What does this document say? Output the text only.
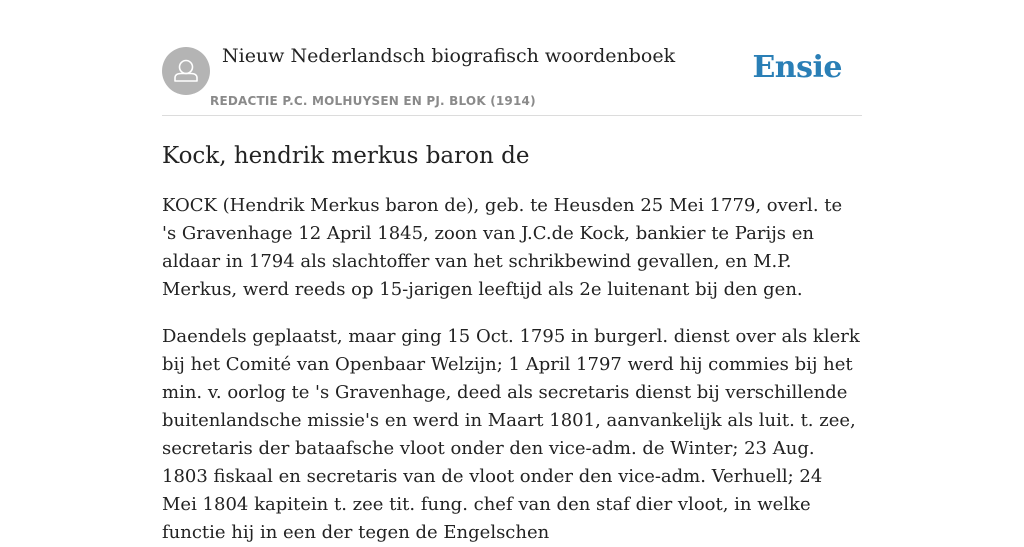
Nieuw Nederlandsch biografisch woordenboek
REDACTIE P.C. MOLHUYSEN EN PJ. BLOK (1914)
Ensie
Kock, hendrik merkus baron de

KOCK (Hendrik Merkus baron de), geb. te Heusden 25 Mei 1779, overl. te 's Gravenhage 12 April 1845, zoon van J.C.de Kock, bankier te Parijs en aldaar in 1794 als slachtoffer van het schrikbewind gevallen, en M.P. Merkus, werd reeds op 15-jarigen leeftijd als 2e luitenant bij den gen.

Daendels geplaatst, maar ging 15 Oct. 1795 in burgerl. dienst over als klerk bij het Comité van Openbaar Welzijn; 1 April 1797 werd hij commies bij het min. v. oorlog te 's Gravenhage, deed als secretaris dienst bij verschillende buitenlandsche missie's en werd in Maart 1801, aanvankelijk als luit. t. zee, secretaris der bataafsche vloot onder den vice-adm. de Winter; 23 Aug. 1803 fiskaal en secretaris van de vloot onder den vice-adm. Verhuell; 24 Mei 1804 kapitein t. zee tit. fung. chef van den staf dier vloot, in welke functie hij in een der tegen de Engelschen
